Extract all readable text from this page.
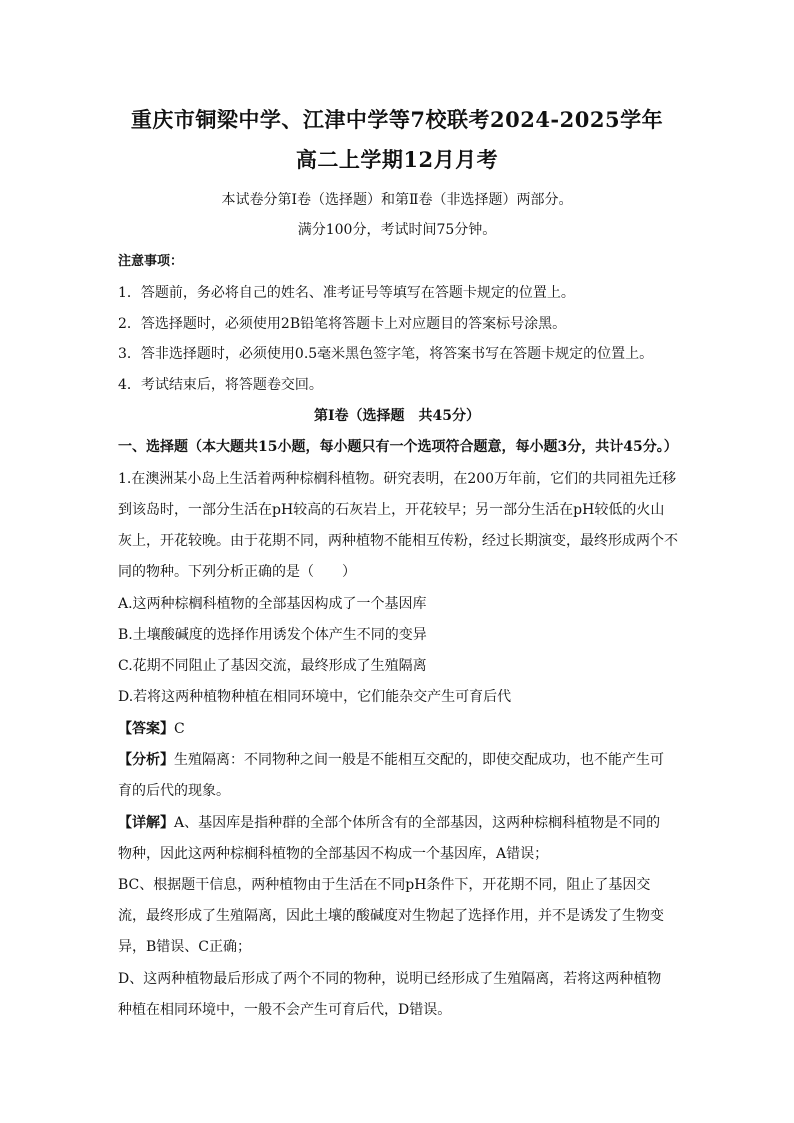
重庆市铜梁中学、江津中学等7校联考2024-2025学年
高二上学期12月月考
本试卷分第Ⅰ卷（选择题）和第Ⅱ卷（非选择题）两部分。
满分100分，考试时间75分钟。
注意事项：
1．答题前，务必将自己的姓名、准考证号等填写在答题卡规定的位置上。
2．答选择题时，必须使用2B铅笔将答题卡上对应题目的答案标号涂黑。
3．答非选择题时，必须使用0.5毫米黑色签字笔，将答案书写在答题卡规定的位置上。
4．考试结束后，将答题卷交回。
第Ⅰ卷（选择题　共45分）
一、选择题（本大题共15小题，每小题只有一个选项符合题意，每小题3分，共计45分。）
1.在澳洲某小岛上生活着两种棕榈科植物。研究表明，在200万年前，它们的共同祖先迁移
到该岛时，一部分生活在pH较高的石灰岩上，开花较早；另一部分生活在pH较低的火山
灰上，开花较晚。由于花期不同，两种植物不能相互传粉，经过长期演变，最终形成两个不
同的物种。下列分析正确的是（　　）
A.这两种棕榈科植物的全部基因构成了一个基因库
B.土壤酸碱度的选择作用诱发个体产生不同的变异
C.花期不同阻止了基因交流，最终形成了生殖隔离
D.若将这两种植物种植在相同环境中，它们能杂交产生可育后代
【答案】C
【分析】生殖隔离：不同物种之间一般是不能相互交配的，即使交配成功，也不能产生可
育的后代的现象。
【详解】A、基因库是指种群的全部个体所含有的全部基因，这两种棕榈科植物是不同的
物种，因此这两种棕榈科植物的全部基因不构成一个基因库，A错误；
BC、根据题干信息，两种植物由于生活在不同pH条件下，开花期不同，阻止了基因交
流，最终形成了生殖隔离，因此土壤的酸碱度对生物起了选择作用，并不是诱发了生物变
异，B错误、C正确；
D、这两种植物最后形成了两个不同的物种，说明已经形成了生殖隔离，若将这两种植物
种植在相同环境中，一般不会产生可育后代，D错误。
